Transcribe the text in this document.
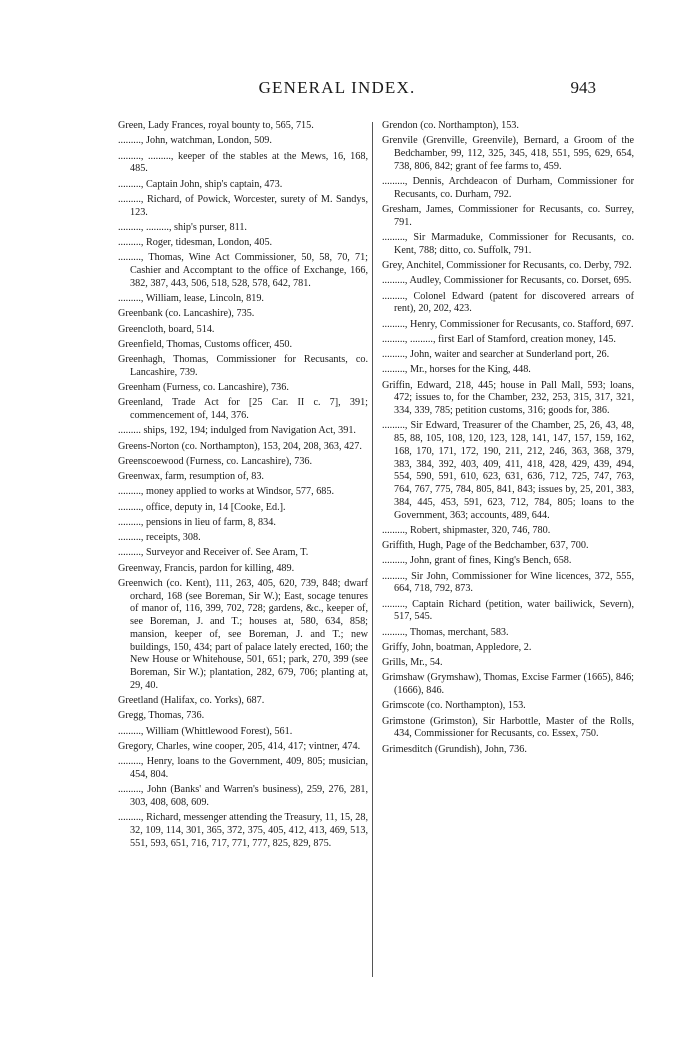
GENERAL INDEX.	943
Green, Lady Frances, royal bounty to, 565, 715.
........., John, watchman, London, 509.
........., ........., keeper of the stables at the Mews, 16, 168, 485.
........., Captain John, ship's captain, 473.
........., Richard, of Powick, Worcester, surety of M. Sandys, 123.
........., ........., ship's purser, 811.
........., Roger, tidesman, London, 405.
........., Thomas, Wine Act Commissioner, 50, 58, 70, 71; Cashier and Accomptant to the office of Exchange, 166, 382, 387, 443, 506, 518, 528, 578, 642, 781.
........., William, lease, Lincoln, 819.
Greenbank (co. Lancashire), 735.
Greencloth, board, 514.
Greenfield, Thomas, Customs officer, 450.
Greenhagh, Thomas, Commissioner for Recusants, co. Lancashire, 739.
Greenham (Furness, co. Lancashire), 736.
Greenland, Trade Act for [25 Car. II c. 7], 391; commencement of, 144, 376.
......... ships, 192, 194; indulged from Navigation Act, 391.
Greens-Norton (co. Northampton), 153, 204, 208, 363, 427.
Greenscoewood (Furness, co. Lancashire), 736.
Greenwax, farm, resumption of, 83.
........., money applied to works at Windsor, 577, 685.
........., office, deputy in, 14 [Cooke, Ed.].
........., pensions in lieu of farm, 8, 834.
........., receipts, 308.
........., Surveyor and Receiver of. See Aram, T.
Greenway, Francis, pardon for killing, 489.
Greenwich (co. Kent), 111, 263, 405, 620, 739, 848; dwarf orchard, 168 (see Boreman, Sir W.); East, socage tenures of manor of, 116, 399, 702, 728; gardens, &c., keeper of, see Boreman, J. and T.; houses at, 580, 634, 858; mansion, keeper of, see Boreman, J. and T.; new buildings, 150, 434; part of palace lately erected, 160; the New House or Whitehouse, 501, 651; park, 270, 399 (see Boreman, Sir W.); plantation, 282, 679, 706; planting at, 29, 40.
Greetland (Halifax, co. Yorks), 687.
Gregg, Thomas, 736.
........., William (Whittlewood Forest), 561.
Gregory, Charles, wine cooper, 205, 414, 417; vintner, 474.
........., Henry, loans to the Government, 409, 805; musician, 454, 804.
........., John (Banks' and Warren's business), 259, 276, 281, 303, 408, 608, 609.
........., Richard, messenger attending the Treasury, 11, 15, 28, 32, 109, 114, 301, 365, 372, 375, 405, 412, 413, 469, 513, 551, 593, 651, 716, 717, 771, 777, 825, 829, 875.
Grendon (co. Northampton), 153.
Grenvile (Grenville, Greenvile), Bernard, a Groom of the Bedchamber, 99, 112, 325, 345, 418, 551, 595, 629, 654, 738, 806, 842; grant of fee farms to, 459.
........., Dennis, Archdeacon of Durham, Commissioner for Recusants, co. Durham, 792.
Gresham, James, Commissioner for Recusants, co. Surrey, 791.
........., Sir Marmaduke, Commissioner for Recusants, co. Kent, 788; ditto, co. Suffolk, 791.
Grey, Anchitel, Commissioner for Recusants, co. Derby, 792.
........., Audley, Commissioner for Recusants, co. Dorset, 695.
........., Colonel Edward (patent for discovered arrears of rent), 20, 202, 423.
........., Henry, Commissioner for Recusants, co. Stafford, 697.
........., ........., first Earl of Stamford, creation money, 145.
........., John, waiter and searcher at Sunderland port, 26.
........., Mr., horses for the King, 448.
Griffin, Edward, 218, 445; house in Pall Mall, 593; loans, 472; issues to, for the Chamber, 232, 253, 315, 317, 321, 334, 339, 785; petition customs, 316; goods for, 386.
........., Sir Edward, Treasurer of the Chamber, 25, 26, 43, 48, 85, 88, 105, 108, 120, 123, 128, 141, 147, 157, 159, 162, 168, 170, 171, 172, 190, 211, 212, 246, 363, 368, 379, 383, 384, 392, 403, 409, 411, 418, 428, 429, 439, 494, 554, 590, 591, 610, 623, 631, 636, 712, 725, 747, 763, 764, 767, 775, 784, 805, 841, 843; issues by, 25, 201, 383, 384, 445, 453, 591, 623, 712, 784, 805; loans to the Government, 363; accounts, 489, 644.
........., Robert, shipmaster, 320, 746, 780.
Griffith, Hugh, Page of the Bedchamber, 637, 700.
........., John, grant of fines, King's Bench, 658.
........., Sir John, Commissioner for Wine licences, 372, 555, 664, 718, 792, 873.
........., Captain Richard (petition, water bailiwick, Severn), 517, 545.
........., Thomas, merchant, 583.
Griffy, John, boatman, Appledore, 2.
Grills, Mr., 54.
Grimshaw (Grymshaw), Thomas, Excise Farmer (1665), 846; (1666), 846.
Grimscote (co. Northampton), 153.
Grimstone (Grimston), Sir Harbottle, Master of the Rolls, 434, Commissioner for Recusants, co. Essex, 750.
Grimesditch (Grundish), John, 736.
